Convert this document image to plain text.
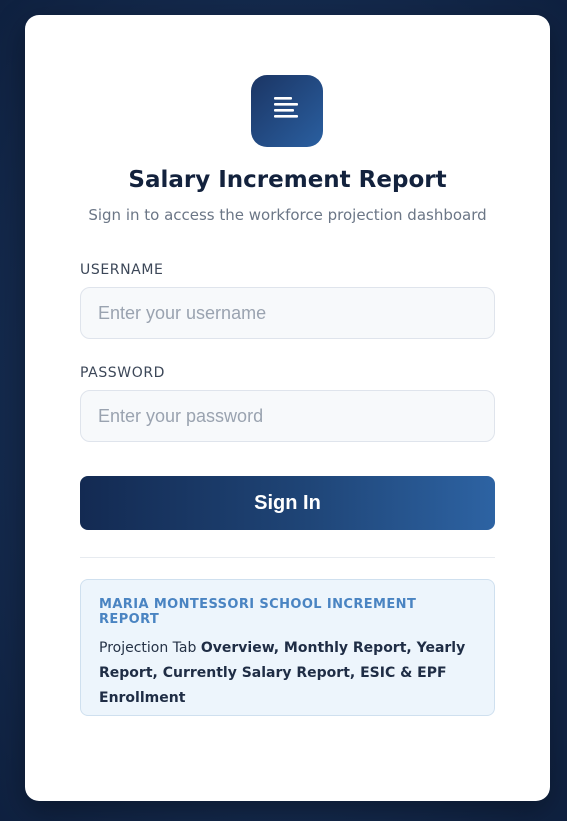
Salary Increment Report
Sign in to access the workforce projection dashboard
USERNAME
Enter your username
PASSWORD
Sign In
MARIA MONTESSORI SCHOOL INCREMENT REPORT
Projection Tab Overview, Monthly Report, Yearly Report, Currently Salary Report, ESIC & EPF Enrollment
